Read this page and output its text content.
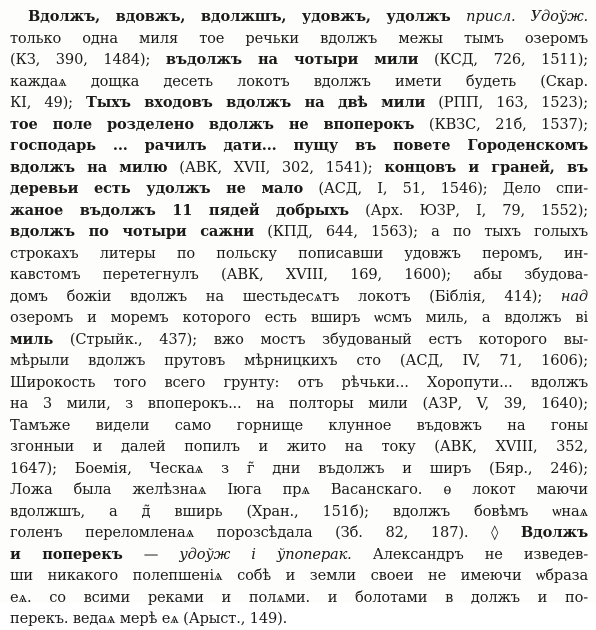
Вдолжъ, вдовжъ, вдолжшъ, удовжъ, удолжъ присл. Удоўж.
только одна миля тое речьки вдолжъ межы тымъ озеромъ
(КЗ, 390, 1484); въдолжъ на чотыри мили (КСД, 726, 1511);
каждаѧ дощка десеть локотъ вдолжъ имети будеть (Скар.
КІ, 49); Тыхъ входовъ вдолжъ на двѣ мили (РПП, 163, 1523);
тое поле розделено вдолжъ не впоперокъ (КВЗС, 21б, 1537);
господарь ... рачилъ дати... пущу въ повете Городенскомъ
вдолжъ на милю (АВК, XVII, 302, 1541); концовъ и граней, въ
деревьи есть удолжъ не мало (АСД, I, 51, 1546); Дело спи-
жаное въдолжъ 11 пядей добрыхъ (Арх. ЮЗР, I, 79, 1552);
вдолжъ по чотыри сажни (КПД, 644, 1563); а по тыхъ голыхъ
строкахъ литеры по польску пописавши удовжъ перомъ, ин-
кавстомъ перетегнулъ (АВК, XVIII, 169, 1600); абы збудова-
домъ божіи вдолжъ на шестьдесѧтъ локотъ (Біблія, 414); над
озеромъ и моремъ которого есть вширъ ѡсмъ миль, а вдолжъ ві
миль (Стрыйк., 437); вжо мостъ збудованый естъ которого вы-
мѣрыли вдолжъ прутовъ мѣрницкихъ сто (АСД, IV, 71, 1606);
Широкость того всего грунту: отъ рѣчьки... Хоропути... вдолжъ
на 3 мили, з впоперокъ... на полторы мили (АЗР, V, 39, 1640);
Тамъже видели само горнище клунное въдовжъ на гоны
згонныи и далей попилъ и жито на току (АВК, XVIII, 352,
1647); Боемія, Ческаѧ з г̃ дни въдолжъ и ширъ (Бяр., 246);
Ложа была желѣзнаѧ Іюга прѧ Васанскаго. ѳ локот маючи
вдолжшъ, а д̃ вширь (Хран., 151б); вдолжъ бовѣмъ ѡнаѧ
голенъ переломленаѧ порозсѣдала (Зб. 82, 187). ◊ Вдолжъ
и поперекъ — удоўж і ўпоперак. Александръ не изведев-
ши никакого полепшеніѧ собѣ и земли своеи не имеючи ѡбраза
еѧ. со всими реками и полѧми. и болотами в должъ и по-
перекъ. ведаѧ мерѣ еѧ (Арыст., 149).
